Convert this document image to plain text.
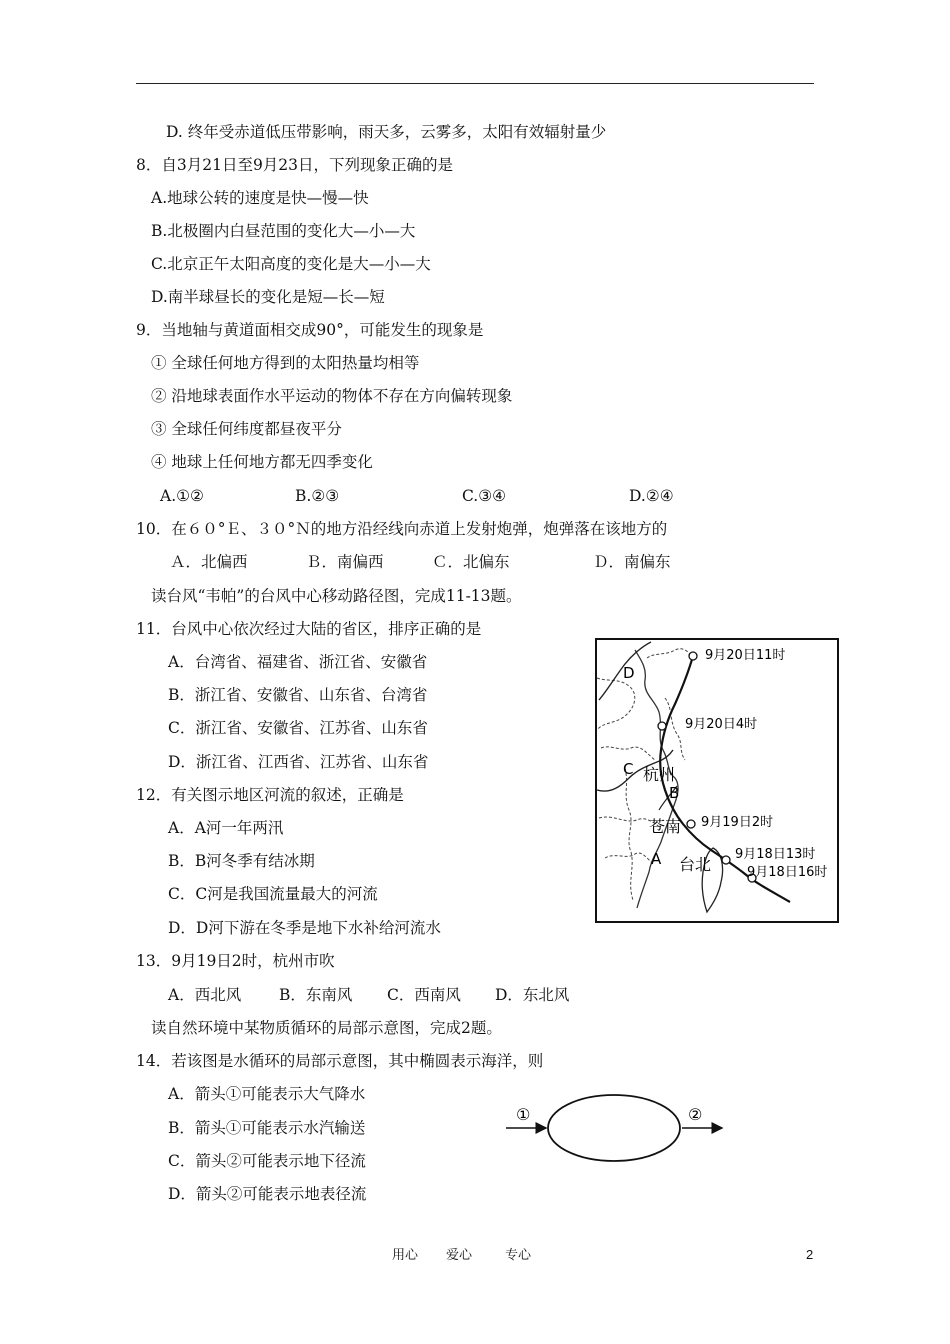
D. 终年受赤道低压带影响，雨天多，云雾多，太阳有效辐射量少
8．自3月21日至9月23日，下列现象正确的是
A.地球公转的速度是快—慢—快
B.北极圈内白昼范围的变化大—小—大
C.北京正午太阳高度的变化是大—小—大
D.南半球昼长的变化是短—长—短
9．当地轴与黄道面相交成90°，可能发生的现象是
① 全球任何地方得到的太阳热量均相等
② 沿地球表面作水平运动的物体不存在方向偏转现象
③ 全球任何纬度都昼夜平分
④ 地球上任何地方都无四季变化
A.①②	B.②③	C.③④	D.②④
10．在６０°Ｅ、３０°Ｎ的地方沿经线向赤道上发射炮弹，炮弹落在该地方的
Ａ．北偏西	Ｂ．南偏西	Ｃ．北偏东	Ｄ．南偏东
读台风“韦帕”的台风中心移动路径图，完成11-13题。
11．台风中心依次经过大陆的省区，排序正确的是
A．台湾省、福建省、浙江省、安徽省
B．浙江省、安徽省、山东省、台湾省
C．浙江省、安徽省、江苏省、山东省
D．浙江省、江西省、江苏省、山东省
12．有关图示地区河流的叙述，正确是
A．A河一年两汛
B．B河冬季有结冰期
C．C河是我国流量最大的河流
D．D河下游在冬季是地下水补给河流水
13．9月19日2时，杭州市吹
A．西北风 B．东南风 C．西南风 D．东北风
读自然环境中某物质循环的局部示意图，完成2题。
14．若该图是水循环的局部示意图，其中椭圆表示海洋，则
A．箭头①可能表示大气降水
B．箭头①可能表示水汽输送
C．箭头②可能表示地下径流
D．箭头②可能表示地表径流
9月20日11时
9月20日4时
9月19日2时
9月18日13时
9月18日16时
杭州
苍南
台北
A
B
C
D
①	②
用心 爱心	专心	2
